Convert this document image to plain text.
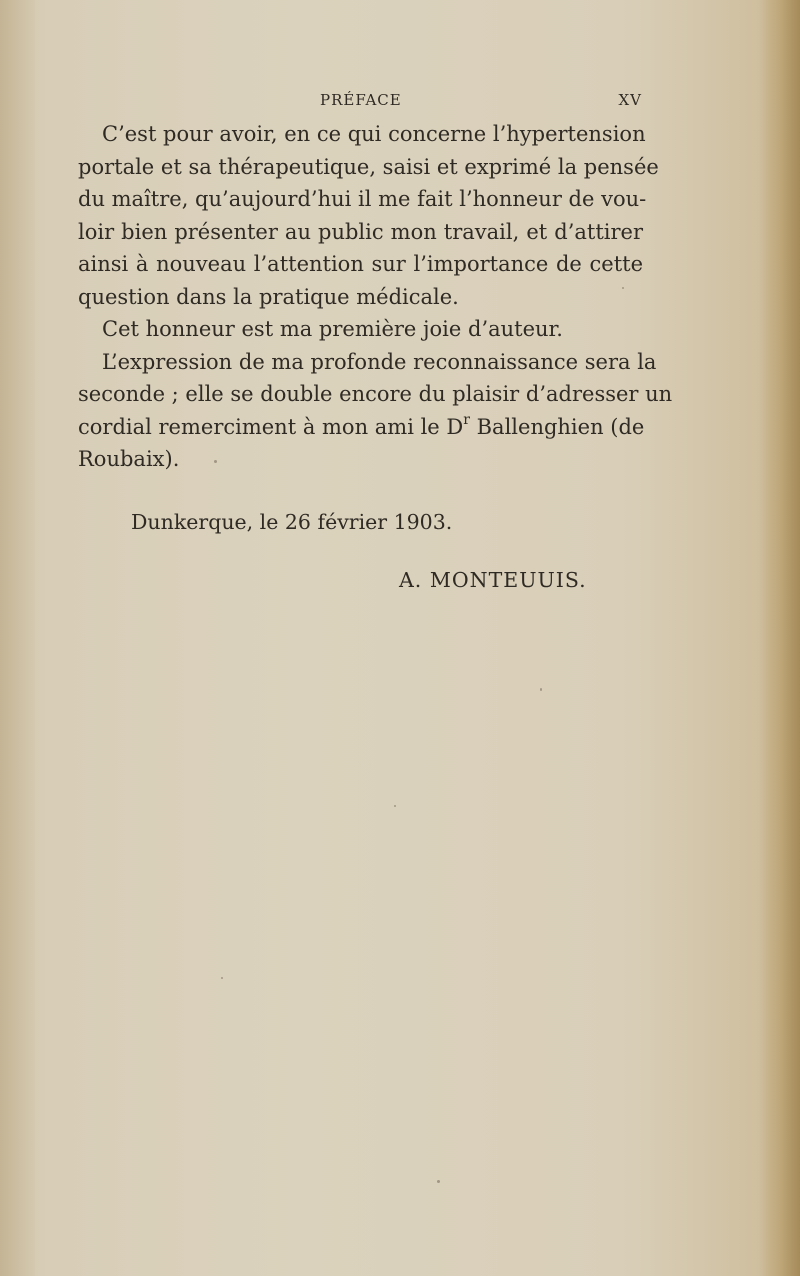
PRÉFACE	XV
C’est pour avoir, en ce qui concerne l’hypertension
portale et sa thérapeutique, saisi et exprimé la pensée
du maître, qu’aujourd’hui il me fait l’honneur de vou-
loir bien présenter au public mon travail, et d’attirer
ainsi à nouveau l’attention sur l’importance de cette
question dans la pratique médicale.
Cet honneur est ma première joie d’auteur.
L’expression de ma profonde reconnaissance sera la
seconde ; elle se double encore du plaisir d’adresser un
cordial remerciment à mon ami le $D^r$ Ballenghien (de
Roubaix).
Dunkerque, le 26 février 1903.
A. MONTEUUIS.
